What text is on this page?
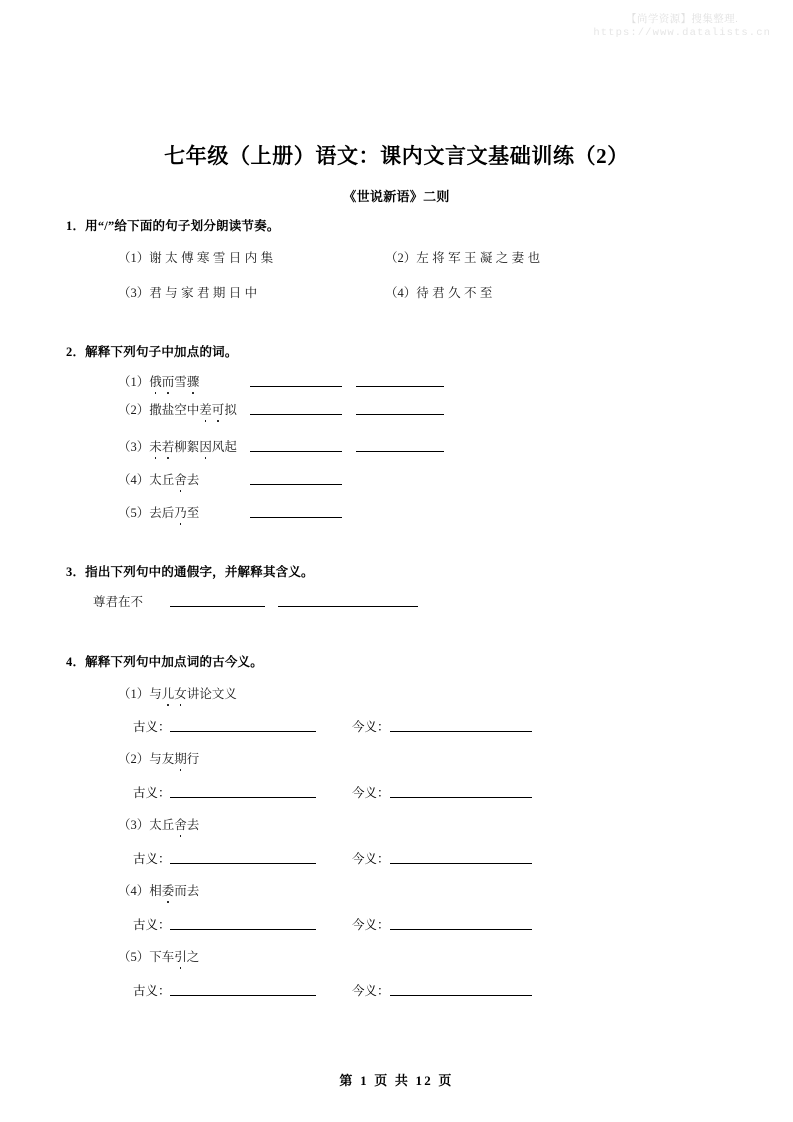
【尚学资源】搜集整理.
https://www.datalists.cn
七年级（上册）语文：课内文言文基础训练（2）
《世说新语》二则
1．用“/”给下面的句子划分朗读节奏。
（1）谢太傅寒雪日内集	（2）左将军王凝之妻也
（3）君与家君期日中	（4）待君久不至
2．解释下列句子中加点的词。
（1）俄而雪骤
（2）撒盐空中差可拟
（3）未若柳絮因风起
（4）太丘舍去
（5）去后乃至
3．指出下列句中的通假字，并解释其含义。
尊君在不
4．解释下列句中加点词的古今义。
（1）与儿女讲论文义
古义：	今义：
（2）与友期行
古义：	今义：
（3）太丘舍去
古义：	今义：
（4）相委而去
古义：	今义：
（5）下车引之
古义：	今义：
第 1 页 共 12 页
